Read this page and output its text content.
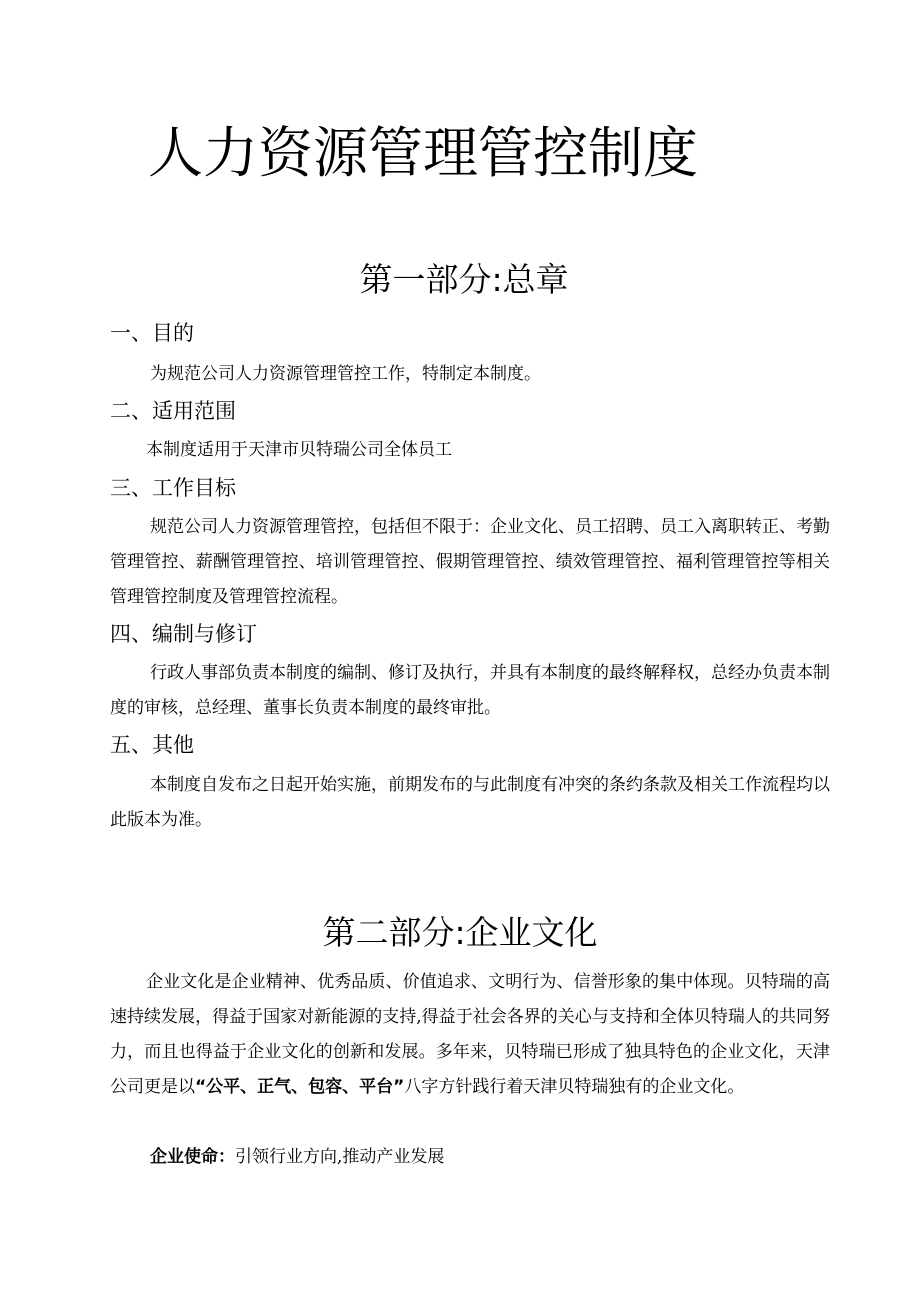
人力资源管理管控制度
第一部分:总章
一、目的

为规范公司人力资源管理管控工作，特制定本制度。

二、适用范围

本制度适用于天津市贝特瑞公司全体员工

三、工作目标

规范公司人力资源管理管控，包括但不限于：企业文化、员工招聘、员工入离职转正、考勤管理管控、薪酬管理管控、培训管理管控、假期管理管控、绩效管理管控、福利管理管控等相关管理管控制度及管理管控流程。

四、编制与修订

行政人事部负责本制度的编制、修订及执行，并具有本制度的最终解释权，总经办负责本制度的审核，总经理、董事长负责本制度的最终审批。

五、其他

本制度自发布之日起开始实施，前期发布的与此制度有冲突的条约条款及相关工作流程均以此版本为准。

第二部分:企业文化

企业文化是企业精神、优秀品质、价值追求、文明行为、信誉形象的集中体现。贝特瑞的高速持续发展，得益于国家对新能源的支持,得益于社会各界的关心与支持和全体贝特瑞人的共同努力，而且也得益于企业文化的创新和发展。多年来，贝特瑞已形成了独具特色的企业文化，天津公司更是以“公平、正气、包容、平台”八字方针践行着天津贝特瑞独有的企业文化。

企业使命：引领行业方向,推动产业发展
